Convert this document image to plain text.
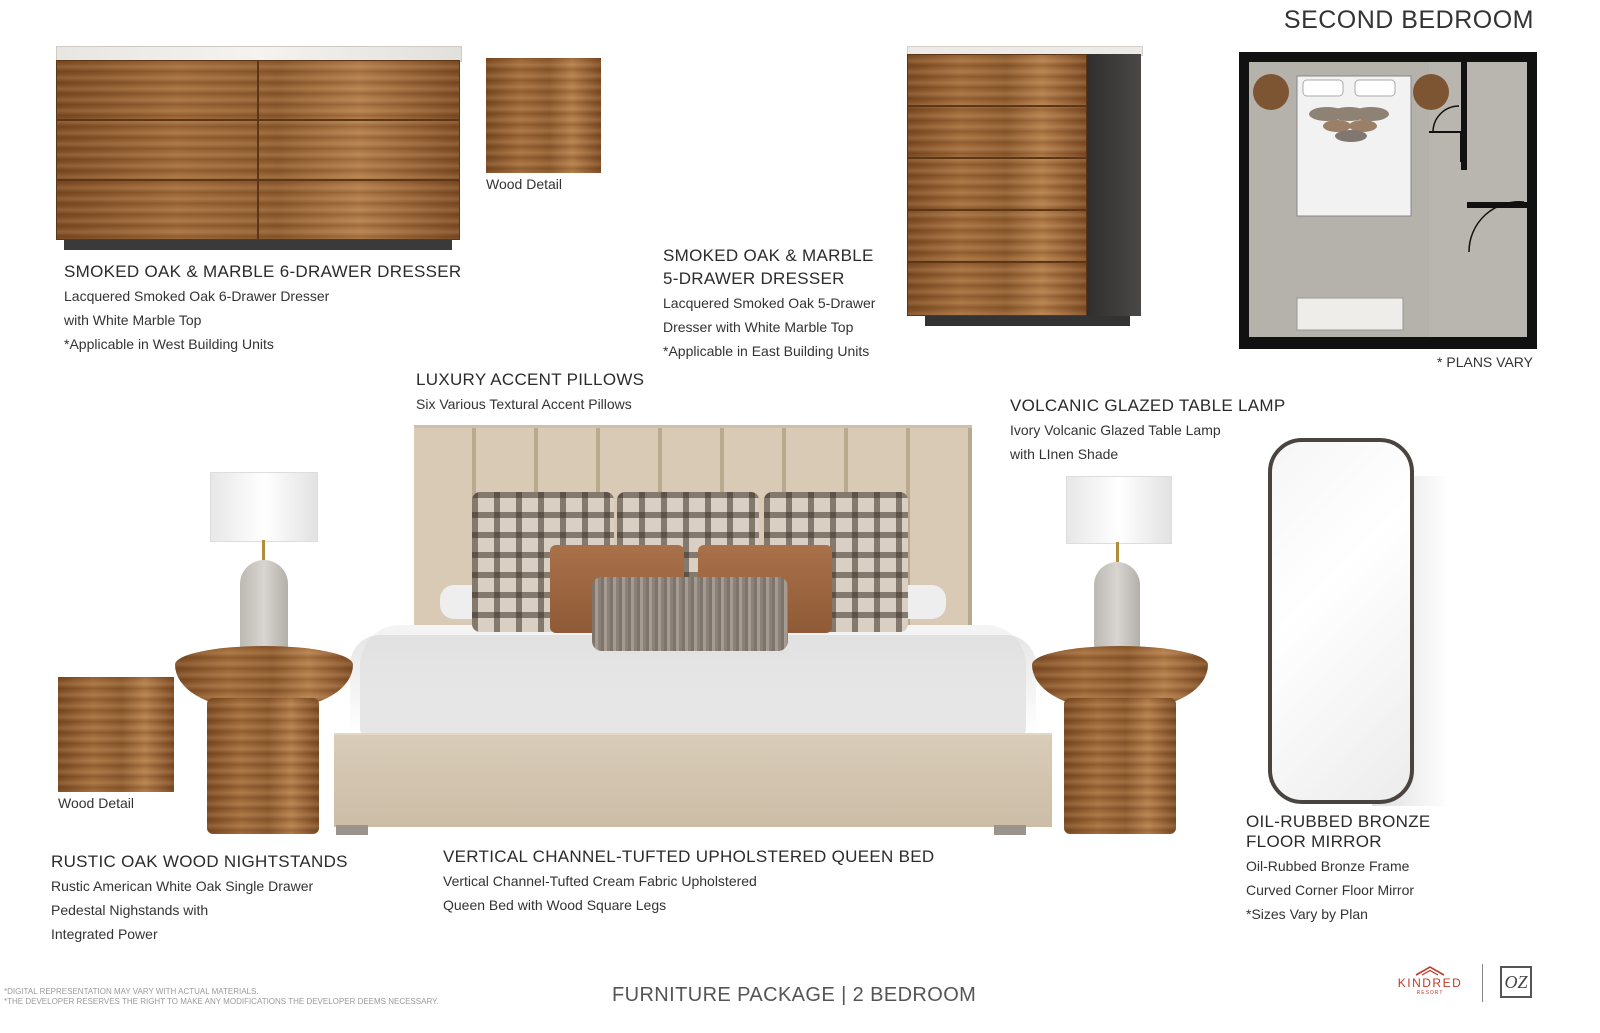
SECOND BEDROOM
Wood Detail
SMOKED OAK & MARBLE 6-DRAWER DRESSER
Lacquered Smoked Oak 6-Drawer Dresser
with White Marble Top
*Applicable in West Building Units
SMOKED OAK & MARBLE
5-DRAWER DRESSER
Lacquered Smoked Oak 5-Drawer
Dresser with White Marble Top
*Applicable in East Building Units
* PLANS VARY
LUXURY ACCENT PILLOWS
Six Various Textural Accent Pillows
Wood Detail
VOLCANIC GLAZED TABLE LAMP
Ivory Volcanic Glazed Table Lamp
with LInen Shade
RUSTIC OAK WOOD NIGHTSTANDS
Rustic American White Oak Single Drawer
Pedestal Nighstands with
Integrated Power
VERTICAL CHANNEL-TUFTED UPHOLSTERED QUEEN BED
Vertical Channel-Tufted Cream Fabric Upholstered
Queen Bed with Wood Square Legs
OIL-RUBBED BRONZE
FLOOR MIRROR
Oil-Rubbed Bronze Frame
Curved Corner Floor Mirror
*Sizes Vary by Plan
*DIGITAL REPRESENTATION MAY VARY WITH ACTUAL MATERIALS.
*THE DEVELOPER RESERVES THE RIGHT TO MAKE ANY MODIFICATIONS THE DEVELOPER DEEMS NECESSARY.	FURNITURE PACKAGE | 2 BEDROOM
KINDRED
RESORT
OZ
